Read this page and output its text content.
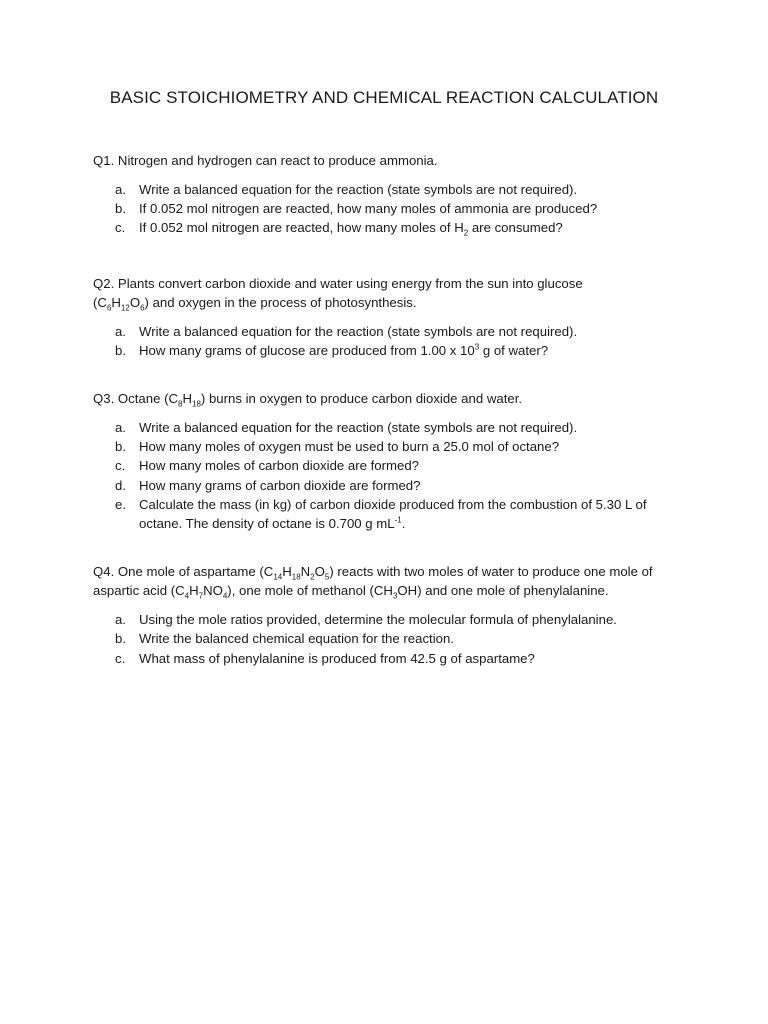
BASIC STOICHIOMETRY AND CHEMICAL REACTION CALCULATION

Q1. Nitrogen and hydrogen can react to produce ammonia.

a. Write a balanced equation for the reaction (state symbols are not required).
b. If 0.052 mol nitrogen are reacted, how many moles of ammonia are produced?
c.	If 0.052 mol nitrogen are reacted, how many moles of $H_2$ are consumed?

Q2. Plants convert carbon dioxide and water using energy from the sun into glucose
$(C_6H_{12}O_6)$ and oxygen in the process of photosynthesis.

a. Write a balanced equation for the reaction (state symbols are not required).
b. How many grams of glucose are produced from 1.00 x $10^3$ g of water?

Q3. Octane $(C_8H_{18})$ burns in oxygen to produce carbon dioxide and water.

a. Write a balanced equation for the reaction (state symbols are not required).
b. How many moles of oxygen must be used to burn a 25.0 mol of octane?
c.	How many moles of carbon dioxide are formed?
d. How many grams of carbon dioxide are formed?
e. Calculate the mass (in kg) of carbon dioxide produced from the combustion of 5.30 L of octane. The density of octane is 0.700 g $mL^{-1}$.

Q4. One mole of aspartame $(C_{14}H_{18}N_2O_5)$ reacts with two moles of water to produce one mole of aspartic acid $(C_4H_7NO_4)$, one mole of methanol $(CH_3OH)$ and one mole of phenylalanine.

a. Using the mole ratios provided, determine the molecular formula of phenylalanine.
b. Write the balanced chemical equation for the reaction.
c.	What mass of phenylalanine is produced from 42.5 g of aspartame?
